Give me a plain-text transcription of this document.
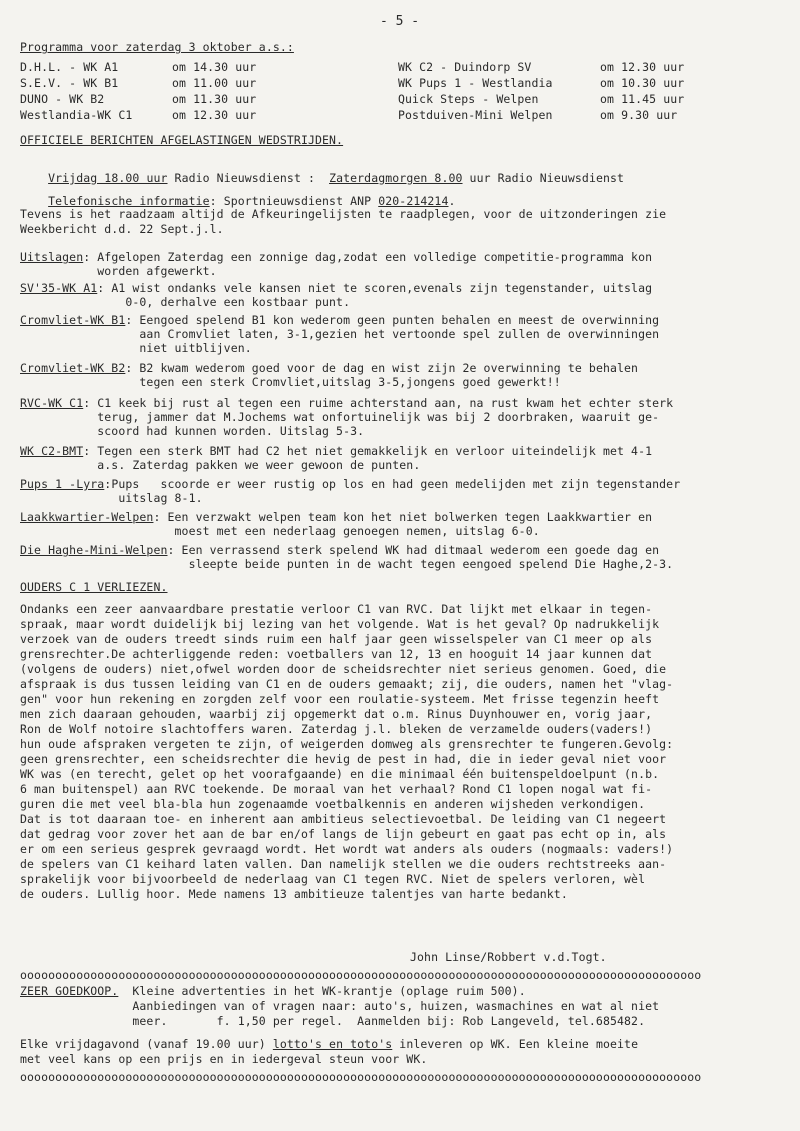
- 5 -
Programma voor zaterdag 3 oktober a.s.:
D.H.L. - WK A1	om 14.30 uur
S.E.V. - WK B1	om 11.00 uur
DUNO - WK B2	om 11.30 uur
Westlandia-WK C1	om 12.30 uur
WK C2 - Duindorp SV	om 12.30 uur
WK Pups 1 - Westlandia	om 10.30 uur
Quick Steps - Welpen	om 11.45 uur
Postduiven-Mini Welpen	om 9.30 uur
OFFICIELE BERICHTEN AFGELASTINGEN WEDSTRIJDEN.

Vrijdag 18.00 uur Radio Nieuwsdienst :  Zaterdagmorgen 8.00 uur Radio Nieuwsdienst

Telefonische informatie: Sportnieuwsdienst ANP 020-214214.

Tevens is het raadzaam altijd de Afkeuringelijsten te raadplegen, voor de uitzonderingen zie
Weekbericht d.d. 22 Sept.j.l.
Uitslagen: Afgelopen Zaterdag een zonnige dag,zodat een volledige competitie-programma kon
worden afgewerkt.
SV'35-WK A1: A1 wist ondanks vele kansen niet te scoren,evenals zijn tegenstander, uitslag
0-0, derhalve een kostbaar punt.
Cromvliet-WK B1: Eengoed spelend B1 kon wederom geen punten behalen en meest de overwinning
aan Cromvliet laten, 3-1,gezien het vertoonde spel zullen de overwinningen
niet uitblijven.
Cromvliet-WK B2: B2 kwam wederom goed voor de dag en wist zijn 2e overwinning te behalen
tegen een sterk Cromvliet,uitslag 3-5,jongens goed gewerkt!!
RVC-WK C1: C1 keek bij rust al tegen een ruime achterstand aan, na rust kwam het echter sterk
terug, jammer dat M.Jochems wat onfortuinelijk was bij 2 doorbraken, waaruit ge-
scoord had kunnen worden. Uitslag 5-3.
WK C2-BMT: Tegen een sterk BMT had C2 het niet gemakkelijk en verloor uiteindelijk met 4-1
a.s. Zaterdag pakken we weer gewoon de punten.
Pups 1 -Lyra:Pups   scoorde er weer rustig op los en had geen medelijden met zijn tegenstander
uitslag 8-1.
Laakkwartier-Welpen: Een verzwakt welpen team kon het niet bolwerken tegen Laakkwartier en
moest met een nederlaag genoegen nemen, uitslag 6-0.
Die Haghe-Mini-Welpen: Een verrassend sterk spelend WK had ditmaal wederom een goede dag en
sleepte beide punten in de wacht tegen eengoed spelend Die Haghe,2-3.
OUDERS C 1 VERLIEZEN.
Ondanks een zeer aanvaardbare prestatie verloor C1 van RVC. Dat lijkt met elkaar in tegen-
spraak, maar wordt duidelijk bij lezing van het volgende. Wat is het geval? Op nadrukkelijk
verzoek van de ouders treedt sinds ruim een half jaar geen wisselspeler van C1 meer op als
grensrechter.De achterliggende reden: voetballers van 12, 13 en hooguit 14 jaar kunnen dat
(volgens de ouders) niet,ofwel worden door de scheidsrechter niet serieus genomen. Goed, die
afspraak is dus tussen leiding van C1 en de ouders gemaakt; zij, die ouders, namen het "vlag-
gen" voor hun rekening en zorgden zelf voor een roulatie-systeem. Met frisse tegenzin heeft
men zich daaraan gehouden, waarbij zij opgemerkt dat o.m. Rinus Duynhouwer en, vorig jaar,
Ron de Wolf notoire slachtoffers waren. Zaterdag j.l. bleken de verzamelde ouders(vaders!)
hun oude afspraken vergeten te zijn, of weigerden domweg als grensrechter te fungeren.Gevolg:
geen grensrechter, een scheidsrechter die hevig de pest in had, die in ieder geval niet voor
WK was (en terecht, gelet op het voorafgaande) en die minimaal één buitenspeldoelpunt (n.b.
6 man buitenspel) aan RVC toekende. De moraal van het verhaal? Rond C1 lopen nogal wat fi-
guren die met veel bla-bla hun zogenaamde voetbalkennis en anderen wijsheden verkondigen.
Dat is tot daaraan toe- en inherent aan ambitieus selectievoetbal. De leiding van C1 negeert
dat gedrag voor zover het aan de bar en/of langs de lijn gebeurt en gaat pas echt op in, als
er om een serieus gesprek gevraagd wordt. Het wordt wat anders als ouders (nogmaals: vaders!)
de spelers van C1 keihard laten vallen. Dan namelijk stellen we die ouders rechtstreeks aan-
sprakelijk voor bijvoorbeeld de nederlaag van C1 tegen RVC. Niet de spelers verloren, wèl
de ouders. Lullig hoor. Mede namens 13 ambitieuze talentjes van harte bedankt.
John Linse/Robbert v.d.Togt.
ooooooooooooooooooooooooooooooooooooooooooooooooooooooooooooooooooooooooooooooooooooooooooooooooo
ZEER GOEDKOOP.  Kleine advertenties in het WK-krantje (oplage ruim 500).
Aanbiedingen van of vragen naar: auto's, huizen, wasmachines en wat al niet
meer.       f. 1,50 per regel.  Aanmelden bij: Rob Langeveld, tel.685482.
Elke vrijdagavond (vanaf 19.00 uur) lotto's en toto's inleveren op WK. Een kleine moeite
met veel kans op een prijs en in iedergeval steun voor WK.
ooooooooooooooooooooooooooooooooooooooooooooooooooooooooooooooooooooooooooooooooooooooooooooooooo
